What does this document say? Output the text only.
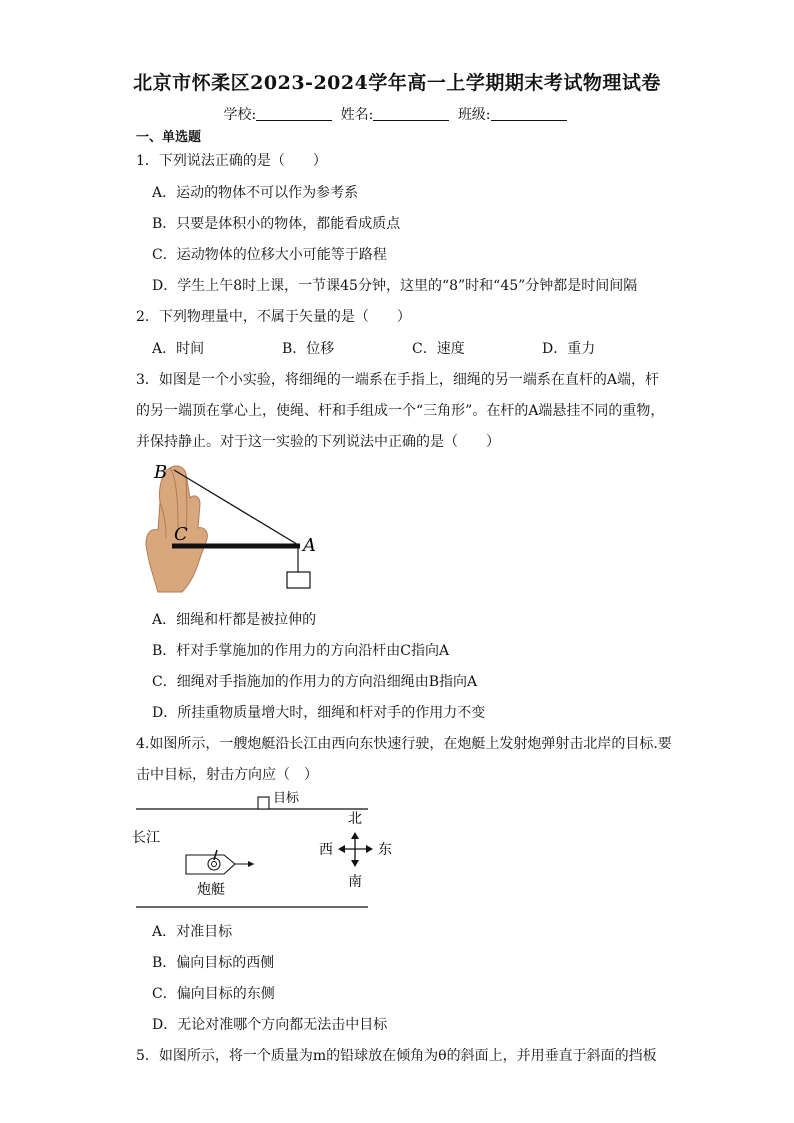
北京市怀柔区2023-2024学年高一上学期期末考试物理试卷
学校:	姓名:	班级:
一、单选题
1．下列说法正确的是（　　）
A．运动的物体不可以作为参考系
B．只要是体积小的物体，都能看成质点
C．运动物体的位移大小可能等于路程
D．学生上午8时上课，一节课45分钟，这里的“8”时和“45”分钟都是时间间隔
2．下列物理量中，不属于矢量的是（　　）
A．时间	B．位移	C．速度	D．重力
3．如图是一个小实验，将细绳的一端系在手指上，细绳的另一端系在直杆的A端，杆
的另一端顶在掌心上，使绳、杆和手组成一个“三角形”。在杆的A端悬挂不同的重物，
并保持静止。对于这一实验的下列说法中正确的是（　　）
B
C
A
A．细绳和杆都是被拉伸的
B．杆对手掌施加的作用力的方向沿杆由C指向A
C．细绳对手指施加的作用力的方向沿细绳由B指向A
D．所挂重物质量增大时，细绳和杆对手的作用力不变
4.如图所示，一艘炮艇沿长江由西向东快速行驶，在炮艇上发射炮弹射击北岸的目标.要
击中目标，射击方向应（　）
目标
长江
炮艇
北
南
西	东
A．对准目标
B．偏向目标的西侧
C．偏向目标的东侧
D．无论对准哪个方向都无法击中目标
5．如图所示，将一个质量为m的铅球放在倾角为θ的斜面上，并用垂直于斜面的挡板
